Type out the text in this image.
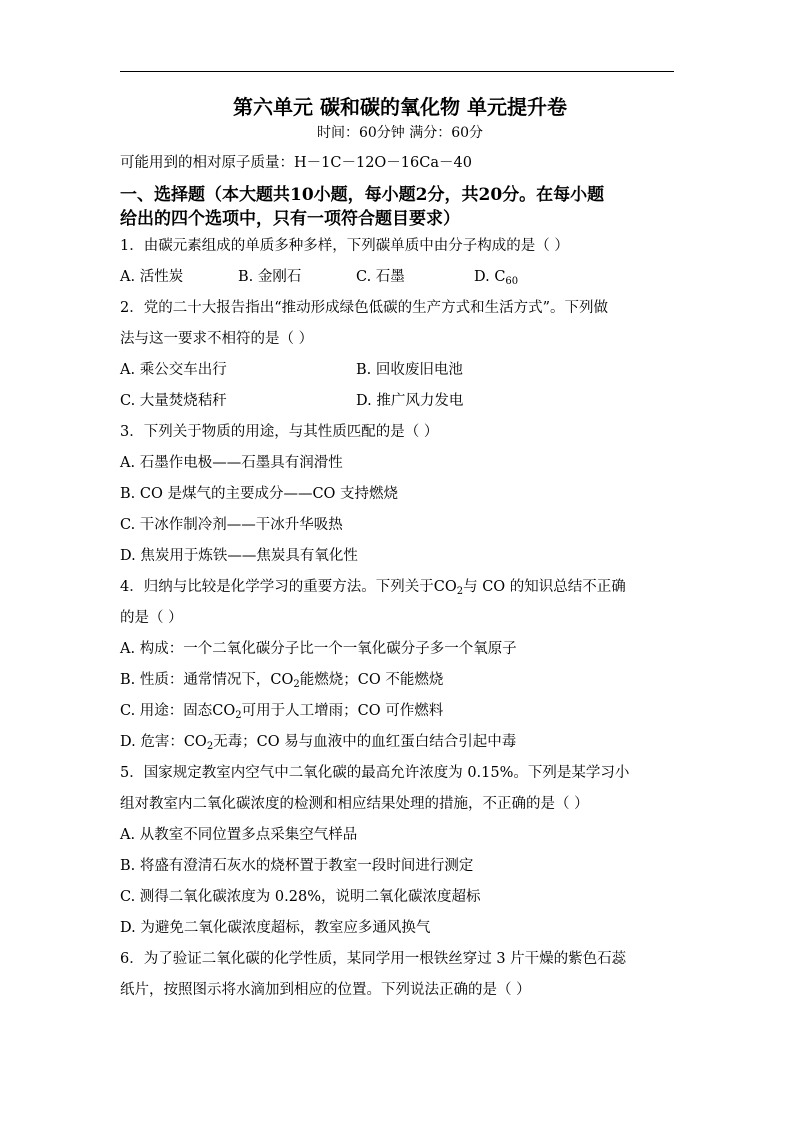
第六单元 碳和碳的氧化物 单元提升卷
时间：60分钟 满分：60分
可能用到的相对原子质量：H－1C－12O－16Ca－40
一、选择题（本大题共10小题，每小题2分，共20分。在每小题
给出的四个选项中，只有一项符合题目要求）
1．由碳元素组成的单质多种多样，下列碳单质中由分子构成的是（ ）
A. 活性炭	B. 金刚石	C. 石墨	D. $C_{60}$
2．党的二十大报告指出“推动形成绿色低碳的生产方式和生活方式”。下列做
法与这一要求不相符的是（ ）
A. 乘公交车出行	B. 回收废旧电池
C. 大量焚烧秸秆	D. 推广风力发电
3．下列关于物质的用途，与其性质匹配的是（ ）
A. 石墨作电极——石墨具有润滑性
B. CO 是煤气的主要成分——CO 支持燃烧
C. 干冰作制冷剂——干冰升华吸热
D. 焦炭用于炼铁——焦炭具有氧化性
4．归纳与比较是化学学习的重要方法。下列关于$CO_2$与 CO 的知识总结不正确
的是（ ）
A. 构成：一个二氧化碳分子比一个一氧化碳分子多一个氧原子
B. 性质：通常情况下，$CO_2$能燃烧；CO 不能燃烧
C. 用途：固态$CO_2$可用于人工增雨；CO 可作燃料
D. 危害：$CO_2$无毒；CO 易与血液中的血红蛋白结合引起中毒
5．国家规定教室内空气中二氧化碳的最高允许浓度为 0.15%。下列是某学习小
组对教室内二氧化碳浓度的检测和相应结果处理的措施，不正确的是（ ）
A. 从教室不同位置多点采集空气样品
B. 将盛有澄清石灰水的烧杯置于教室一段时间进行测定
C. 测得二氧化碳浓度为 0.28%，说明二氧化碳浓度超标
D. 为避免二氧化碳浓度超标，教室应多通风换气
6．为了验证二氧化碳的化学性质，某同学用一根铁丝穿过 3 片干燥的紫色石蕊
纸片，按照图示将水滴加到相应的位置。下列说法正确的是（ ）
